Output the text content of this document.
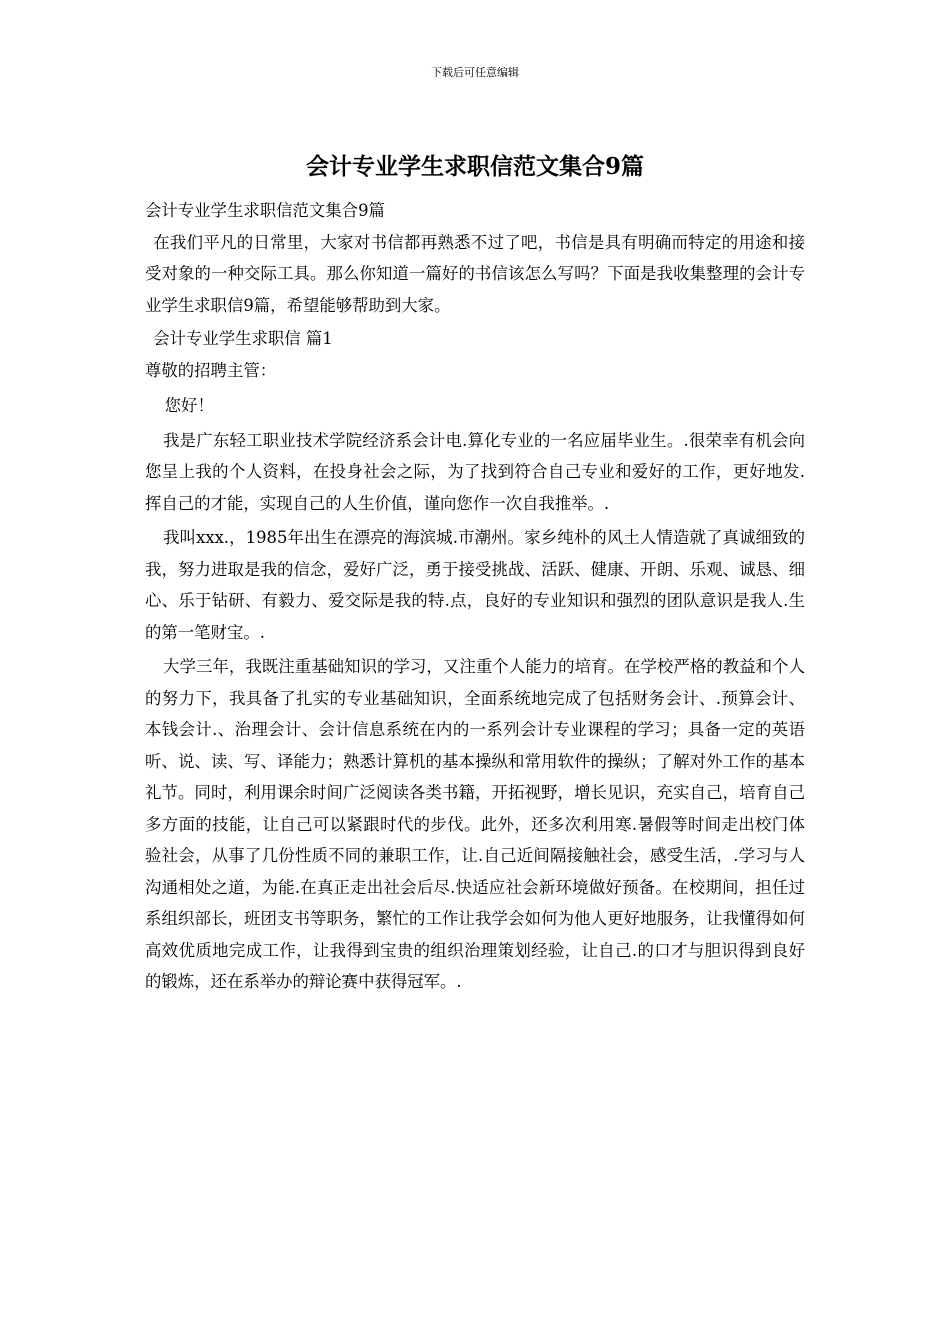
下载后可任意编辑
会计专业学生求职信范文集合9篇

会计专业学生求职信范文集合9篇

在我们平凡的日常里，大家对书信都再熟悉不过了吧，书信是具有明确而特定的用途和接受对象的一种交际工具。那么你知道一篇好的书信该怎么写吗？下面是我收集整理的会计专业学生求职信9篇，希望能够帮助到大家。

会计专业学生求职信 篇1

尊敬的招聘主管：

您好！

我是广东轻工职业技术学院经济系会计电.算化专业的一名应届毕业生。.很荣幸有机会向您呈上我的个人资料，在投身社会之际，为了找到符合自己专业和爱好的工作，更好地发.挥自己的才能，实现自己的人生价值，谨向您作一次自我推举。.

我叫xxx.，1985年出生在漂亮的海滨城.市潮州。家乡纯朴的风土人情造就了真诚细致的我，努力进取是我的信念，爱好广泛，勇于接受挑战、活跃、健康、开朗、乐观、诚恳、细心、乐于钻研、有毅力、爱交际是我的特.点，良好的专业知识和强烈的团队意识是我人.生的第一笔财宝。.

大学三年，我既注重基础知识的学习，又注重个人能力的培育。在学校严格的教益和个人的努力下，我具备了扎实的专业基础知识，全面系统地完成了包括财务会计、.预算会计、本钱会计.、治理会计、会计信息系统在内的一系列会计专业课程的学习；具备一定的英语听、说、读、写、译能力；熟悉计算机的基本操纵和常用软件的操纵；了解对外工作的基本礼节。同时，利用课余时间广泛阅读各类书籍，开拓视野，增长见识，充实自己，培育自己多方面的技能，让自己可以紧跟时代的步伐。此外，还多次利用寒.暑假等时间走出校门体验社会，从事了几份性质不同的兼职工作，让.自己近间隔接触社会，感受生活，.学习与人沟通相处之道，为能.在真正走出社会后尽.快适应社会新环境做好预备。在校期间，担任过系组织部长，班团支书等职务，繁忙的工作让我学会如何为他人更好地服务，让我懂得如何高效优质地完成工作，让我得到宝贵的组织治理策划经验，让自己.的口才与胆识得到良好的锻炼，还在系举办的辩论赛中获得冠军。.
